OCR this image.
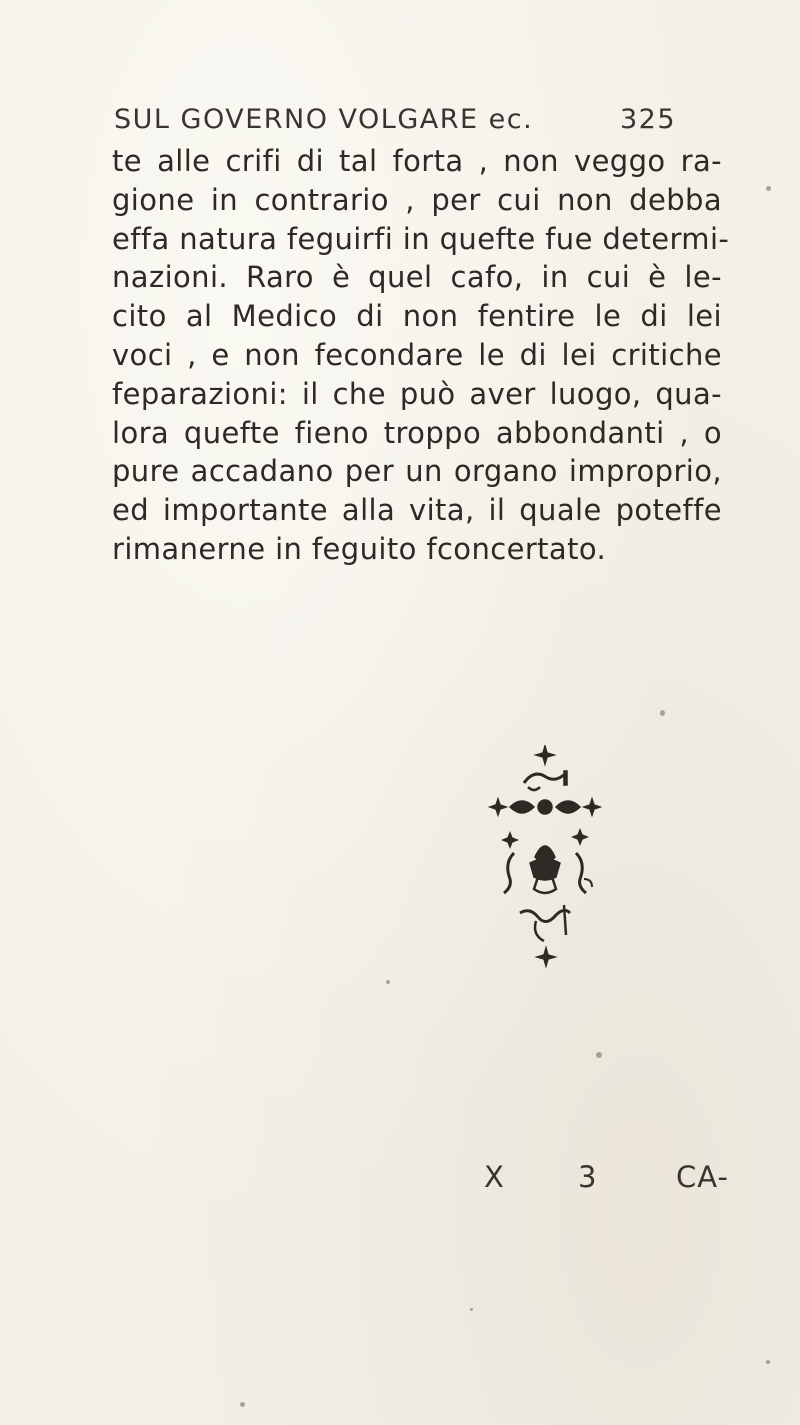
SUL GOVERNO VOLGARE ec.	325
te alle crifi di tal forta , non veggo ra-
gione in contrario , per cui non debba
effa natura feguirfi in quefte fue determi-
nazioni. Raro è quel cafo, in cui è le-
cito al Medico di non fentire le di lei
voci , e non fecondare le di lei critiche
feparazioni: il che può aver luogo, qua-
lora quefte fieno troppo abbondanti , o
pure accadano per un organo improprio,
ed importante alla vita, il quale poteffe
rimanerne in feguito fconcertato.
X	3	CA-
